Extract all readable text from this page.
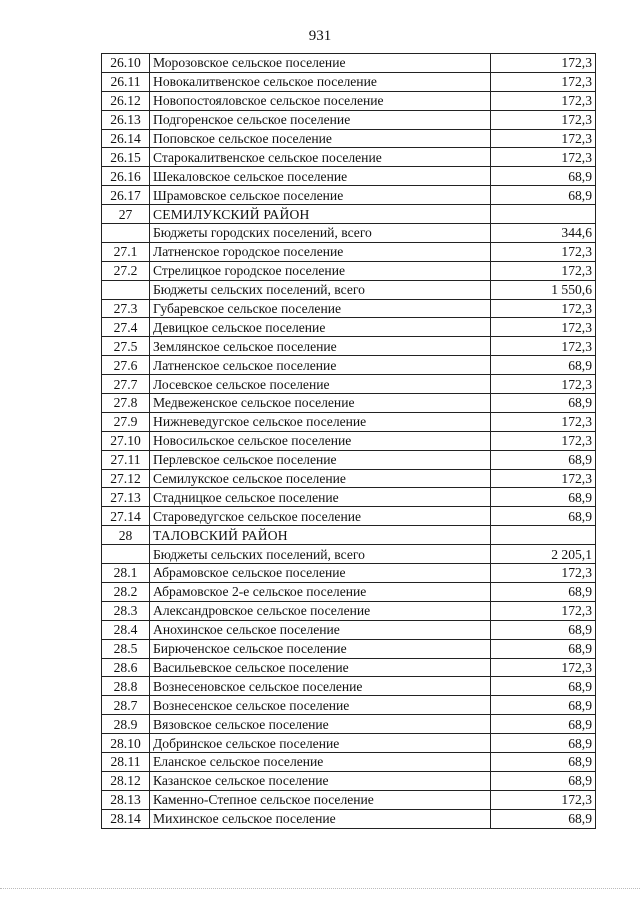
931
26.10	Морозовское сельское поселение	172,3
26.11	Новокалитвенское сельское поселение	172,3
26.12	Новопостояловское сельское поселение	172,3
26.13	Подгоренское сельское поселение	172,3
26.14	Поповское сельское поселение	172,3
26.15	Старокалитвенское сельское поселение	172,3
26.16	Шекаловское сельское поселение	68,9
26.17	Шрамовское сельское поселение	68,9
27	СЕМИЛУКСКИЙ РАЙОН	
	Бюджеты городских поселений, всего	344,6
27.1	Латненское городское поселение	172,3
27.2	Стрелицкое городское поселение	172,3
	Бюджеты сельских поселений, всего	1 550,6
27.3	Губаревское сельское поселение	172,3
27.4	Девицкое сельское поселение	172,3
27.5	Землянское сельское поселение	172,3
27.6	Латненское сельское поселение	68,9
27.7	Лосевское сельское поселение	172,3
27.8	Медвеженское сельское поселение	68,9
27.9	Нижневедугское сельское поселение	172,3
27.10	Новосильское сельское поселение	172,3
27.11	Перлевское сельское поселение	68,9
27.12	Семилукское сельское поселение	172,3
27.13	Стадницкое сельское поселение	68,9
27.14	Староведугское сельское поселение	68,9
28	ТАЛОВСКИЙ РАЙОН	
	Бюджеты сельских поселений, всего	2 205,1
28.1	Абрамовское сельское поселение	172,3
28.2	Абрамовское 2-е сельское поселение	68,9
28.3	Александровское сельское поселение	172,3
28.4	Анохинское сельское поселение	68,9
28.5	Бирюченское сельское поселение	68,9
28.6	Васильевское сельское поселение	172,3
28.8	Вознесеновское сельское поселение	68,9
28.7	Вознесенское сельское поселение	68,9
28.9	Вязовское сельское поселение	68,9
28.10	Добринское сельское поселение	68,9
28.11	Еланское сельское поселение	68,9
28.12	Казанское сельское поселение	68,9
28.13	Каменно-Степное сельское поселение	172,3
28.14	Михинское сельское поселение	68,9
